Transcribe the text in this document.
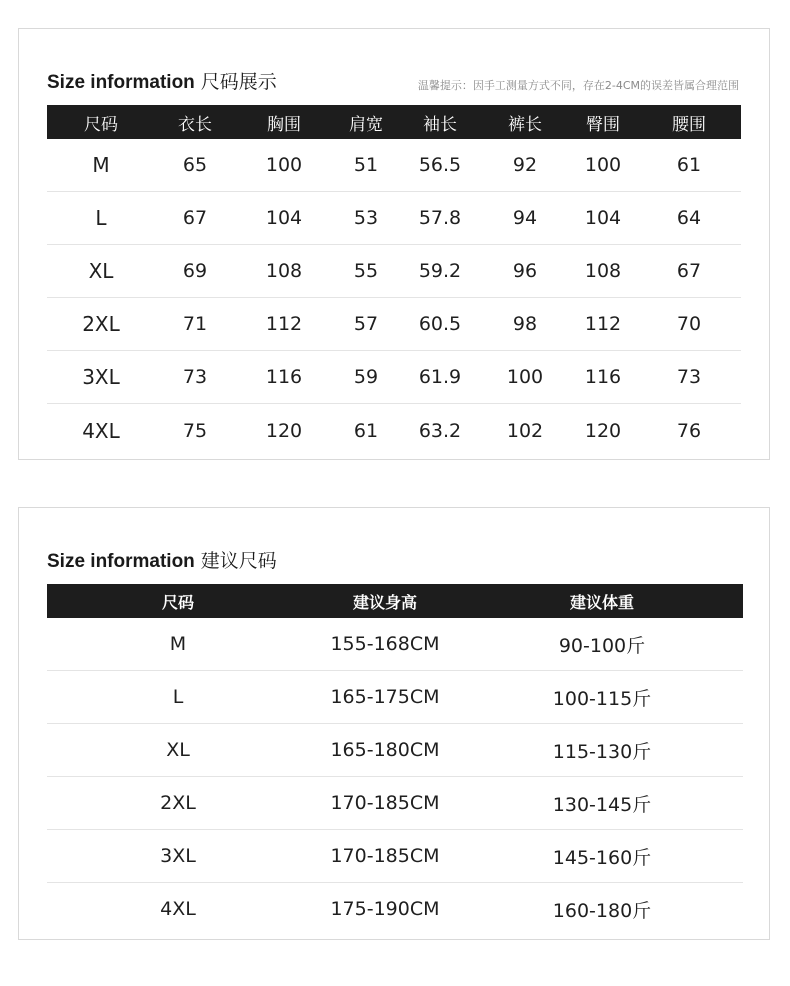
Size information 尺码展示	温馨提示：因手工测量方式不同，存在2-4CM的误差皆属合理范围
尺码	衣长	胸围	肩宽	袖长	裤长	臀围	腰围
M	65	100	51	56.5	92	100	61
L	67	104	53	57.8	94	104	64
XL	69	108	55	59.2	96	108	67
2XL	71	112	57	60.5	98	112	70
3XL	73	116	59	61.9	100	116	73
4XL	75	120	61	63.2	102	120	76
Size information 建议尺码
尺码	建议身高	建议体重
M	155-168CM	90-100斤
L	165-175CM	100-115斤
XL	165-180CM	115-130斤
2XL	170-185CM	130-145斤
3XL	170-185CM	145-160斤
4XL	175-190CM	160-180斤
